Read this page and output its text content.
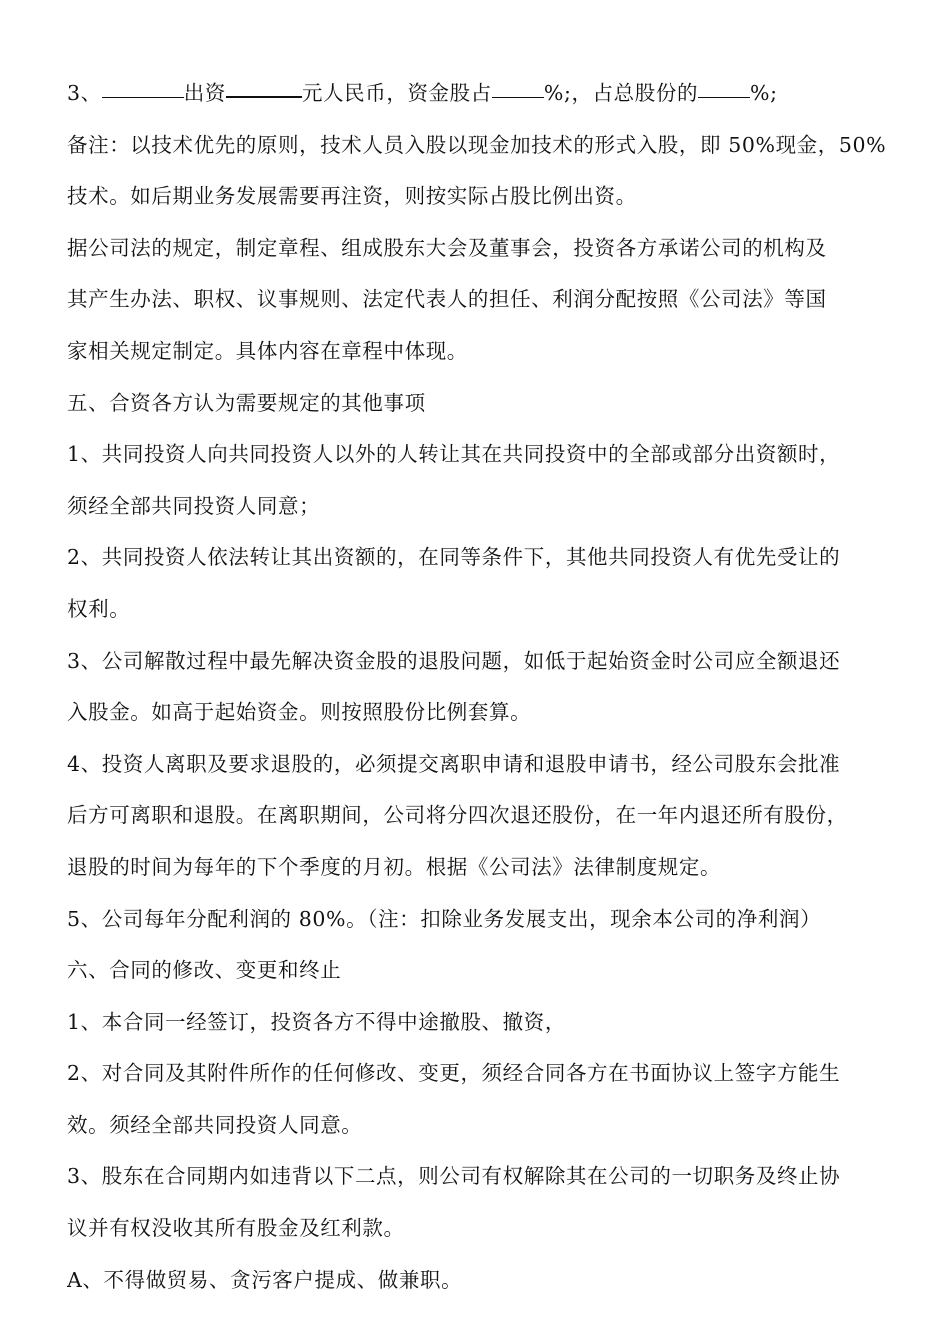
3、	出资	元人民币，资金股占	%;，占总股份的	%;
备注：以技术优先的原则，技术人员入股以现金加技术的形式入股，即 50%现金，50%
技术。如后期业务发展需要再注资，则按实际占股比例出资。
据公司法的规定，制定章程、组成股东大会及董事会，投资各方承诺公司的机构及
其产生办法、职权、议事规则、法定代表人的担任、利润分配按照《公司法》等国
家相关规定制定。具体内容在章程中体现。
五、合资各方认为需要规定的其他事项
1、共同投资人向共同投资人以外的人转让其在共同投资中的全部或部分出资额时，
须经全部共同投资人同意；
2、共同投资人依法转让其出资额的，在同等条件下，其他共同投资人有优先受让的
权利。
3、公司解散过程中最先解决资金股的退股问题，如低于起始资金时公司应全额退还
入股金。如高于起始资金。则按照股份比例套算。
4、投资人离职及要求退股的，必须提交离职申请和退股申请书，经公司股东会批准
后方可离职和退股。在离职期间，公司将分四次退还股份，在一年内退还所有股份，
退股的时间为每年的下个季度的月初。根据《公司法》法律制度规定。
5、公司每年分配利润的 80%。（注：扣除业务发展支出，现余本公司的净利润）
六、合同的修改、变更和终止
1、本合同一经签订，投资各方不得中途撤股、撤资，
2、对合同及其附件所作的任何修改、变更，须经合同各方在书面协议上签字方能生
效。须经全部共同投资人同意。
3、股东在合同期内如违背以下二点，则公司有权解除其在公司的一切职务及终止协
议并有权没收其所有股金及红利款。
A、不得做贸易、贪污客户提成、做兼职。
